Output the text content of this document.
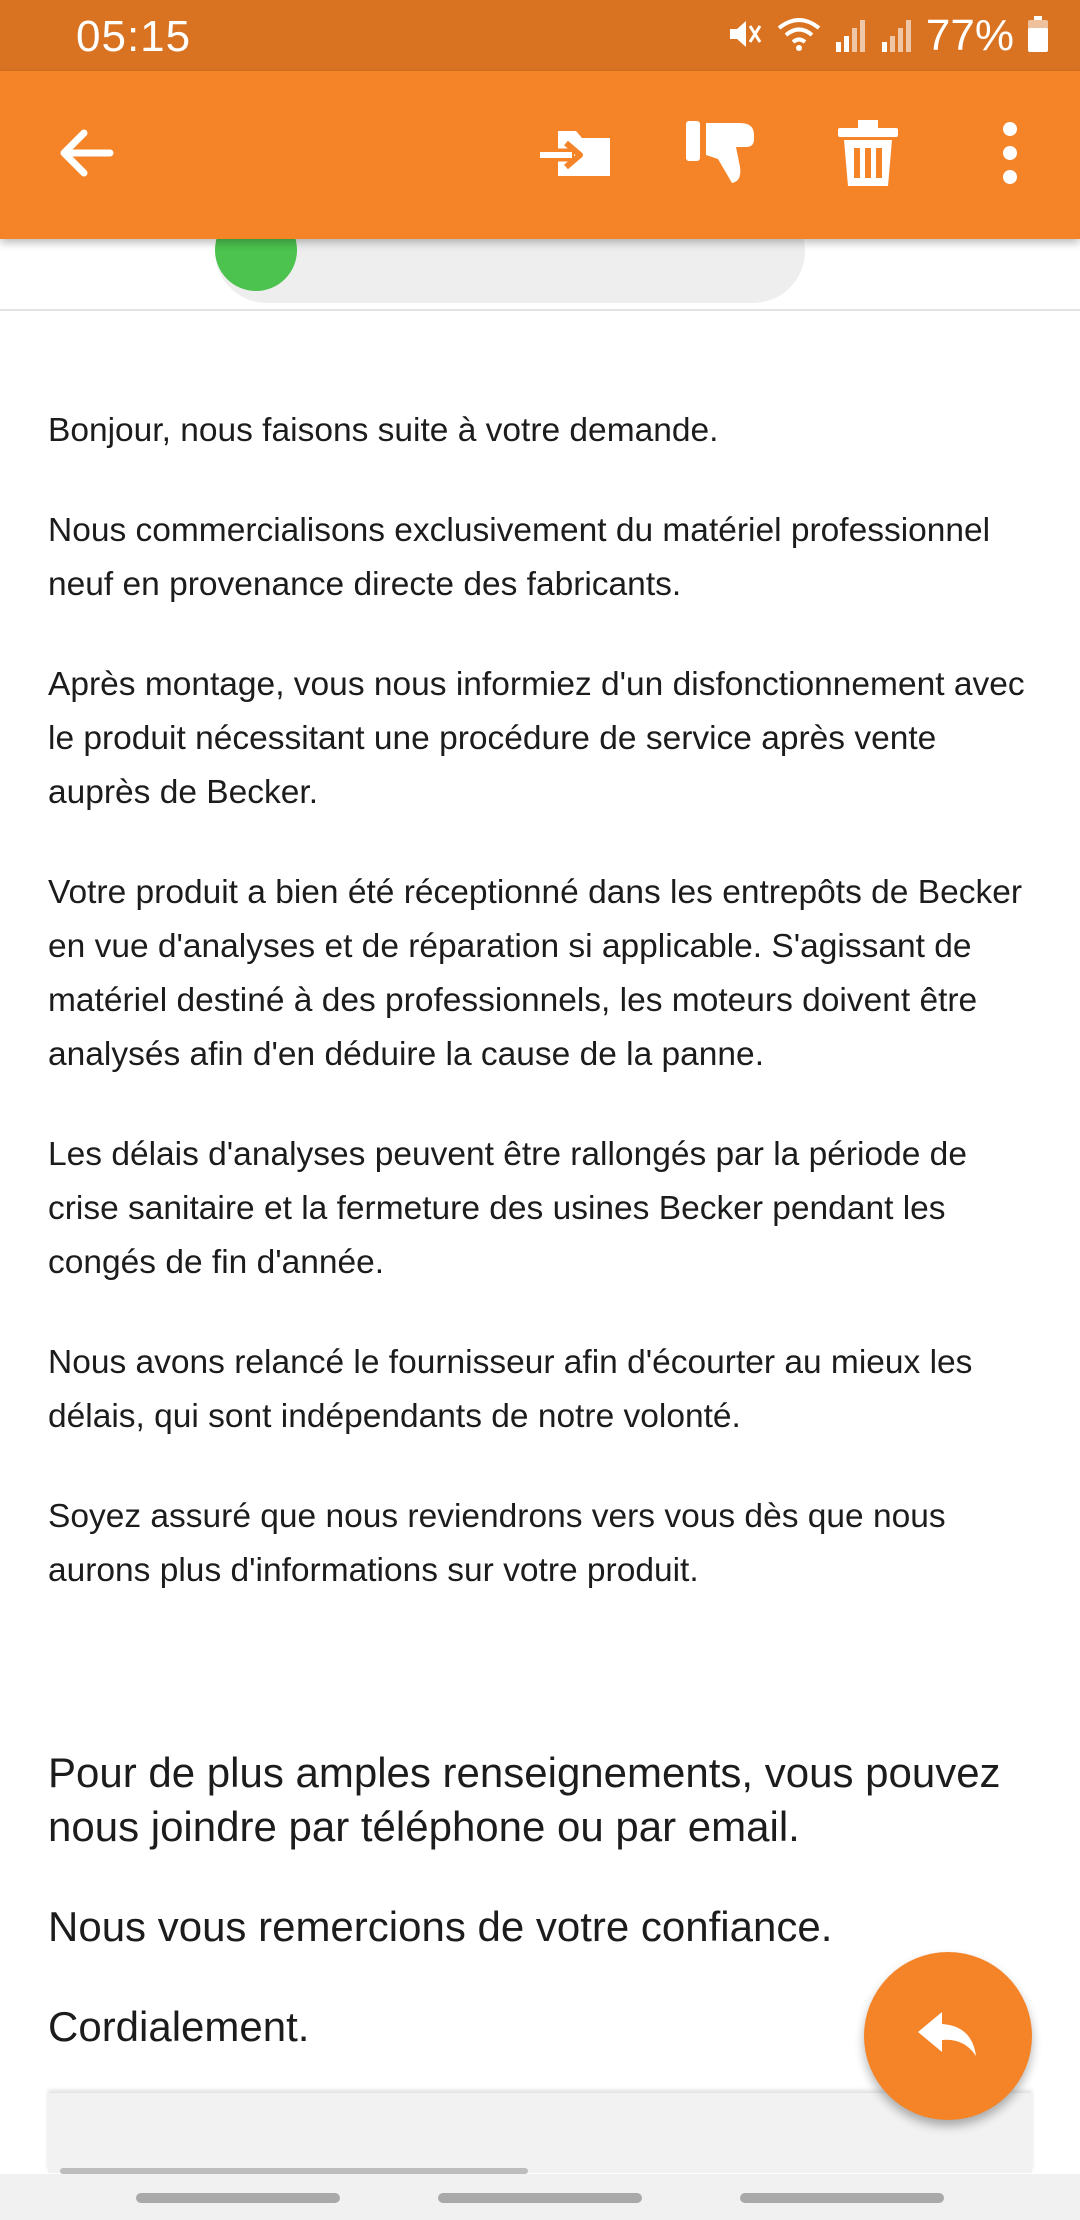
05:15	77%

Bonjour, nous faisons suite à votre demande.

Nous commercialisons exclusivement du matériel professionnel neuf en provenance directe des fabricants.

Après montage, vous nous informiez d'un disfonctionnement avec le produit nécessitant une procédure de service après vente auprès de Becker.

Votre produit a bien été réceptionné dans les entrepôts de Becker en vue d'analyses et de réparation si applicable. S'agissant de matériel destiné à des professionnels, les moteurs doivent être analysés afin d'en déduire la cause de la panne.

Les délais d'analyses peuvent être rallongés par la période de crise sanitaire et la fermeture des usines Becker pendant les congés de fin d'année.

Nous avons relancé le fournisseur afin d'écourter au mieux les délais, qui sont indépendants de notre volonté.

Soyez assuré que nous reviendrons vers vous dès que nous aurons plus d'informations sur votre produit.

Pour de plus amples renseignements, vous pouvez nous joindre par téléphone ou par email.

Nous vous remercions de votre confiance.

Cordialement.
